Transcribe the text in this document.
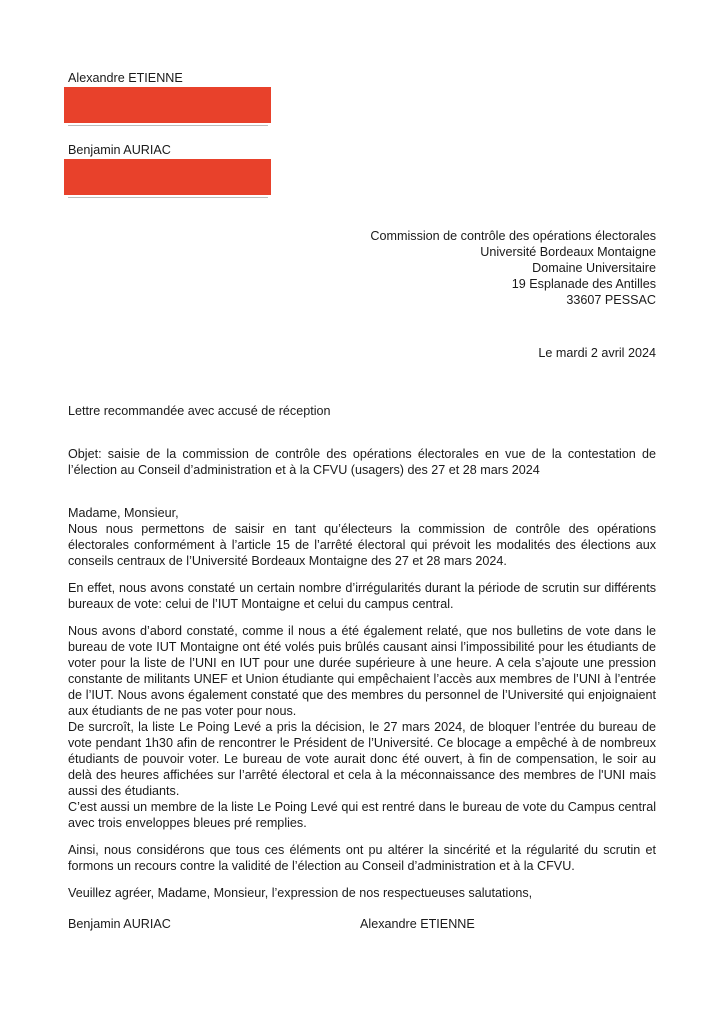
Alexandre ETIENNE
Benjamin AURIAC
Commission de contrôle des opérations électorales
Université Bordeaux Montaigne
Domaine Universitaire
19 Esplanade des Antilles
33607 PESSAC
Le mardi 2 avril 2024
Lettre recommandée avec accusé de réception

Objet: saisie de la commission de contrôle des opérations électorales en vue de la contestation de l’élection au Conseil d’administration et à la CFVU (usagers) des 27 et 28 mars 2024

Madame, Monsieur,

Nous nous permettons de saisir en tant qu’électeurs la commission de contrôle des opérations électorales conformément à l’article 15 de l’arrêté électoral qui prévoit les modalités des élections aux conseils centraux de l’Université Bordeaux Montaigne des 27 et 28 mars 2024.

En effet, nous avons constaté un certain nombre d’irrégularités durant la période de scrutin sur différents bureaux de vote: celui de l’IUT Montaigne et celui du campus central.

Nous avons d’abord constaté, comme il nous a été également relaté, que nos bulletins de vote dans le bureau de vote IUT Montaigne ont été volés puis brûlés causant ainsi l’impossibilité pour les étudiants de voter pour la liste de l’UNI en IUT pour une durée supérieure à une heure. A cela s’ajoute une pression constante de militants UNEF et Union étudiante qui empêchaient l’accès aux membres de l’UNI à l’entrée de l’IUT. Nous avons également constaté que des membres du personnel de l’Université qui enjoignaient aux étudiants de ne pas voter pour nous.

De surcroît, la liste Le Poing Levé a pris la décision, le 27 mars 2024, de bloquer l’entrée du bureau de vote pendant 1h30 afin de rencontrer le Président de l’Université. Ce blocage a empêché à de nombreux étudiants de pouvoir voter. Le bureau de vote aurait donc été ouvert, à fin de compensation, le soir au delà des heures affichées sur l’arrêté électoral et cela à la méconnaissance des membres de l'UNI mais aussi des étudiants.

C’est aussi un membre de la liste Le Poing Levé qui est rentré dans le bureau de vote du Campus central avec trois enveloppes bleues pré remplies.

Ainsi, nous considérons que tous ces éléments ont pu altérer la sincérité et la régularité du scrutin et formons un recours contre la validité de l’élection au Conseil d’administration et à la CFVU.

Veuillez agréer, Madame, Monsieur, l’expression de nos respectueuses salutations,
Benjamin AURIAC	Alexandre ETIENNE
